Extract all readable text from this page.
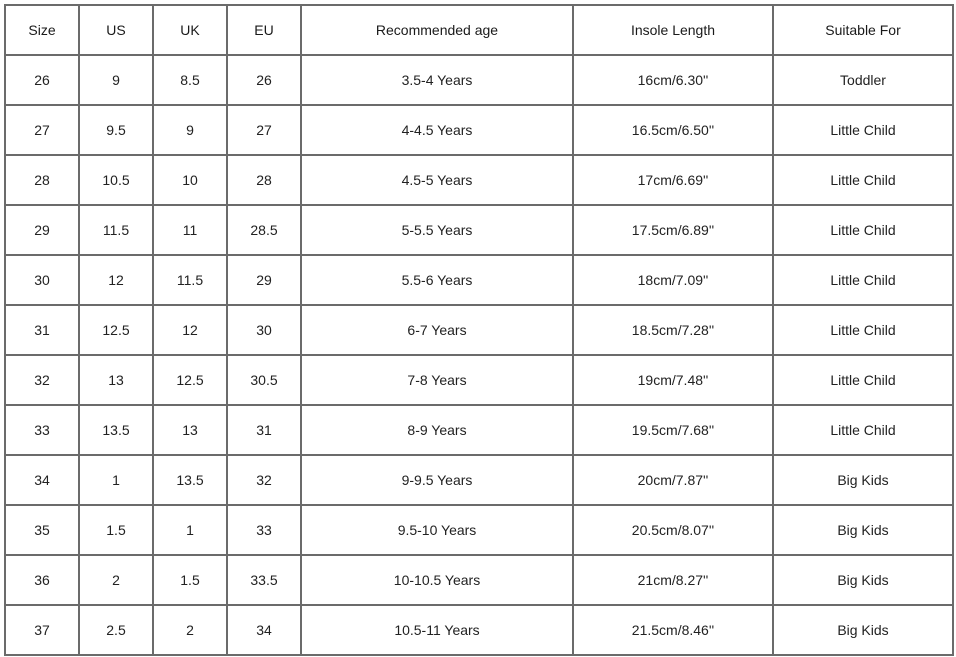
Size	US	UK	EU	Recommended age	Insole Length	Suitable For
26	9	8.5	26	3.5-4 Years	16cm/6.30''	Toddler
27	9.5	9	27	4-4.5 Years	16.5cm/6.50''	Little Child
28	10.5	10	28	4.5-5 Years	17cm/6.69''	Little Child
29	11.5	11	28.5	5-5.5 Years	17.5cm/6.89''	Little Child
30	12	11.5	29	5.5-6 Years	18cm/7.09''	Little Child
31	12.5	12	30	6-7 Years	18.5cm/7.28''	Little Child
32	13	12.5	30.5	7-8 Years	19cm/7.48''	Little Child
33	13.5	13	31	8-9 Years	19.5cm/7.68''	Little Child
34	1	13.5	32	9-9.5 Years	20cm/7.87''	Big Kids
35	1.5	1	33	9.5-10 Years	20.5cm/8.07''	Big Kids
36	2	1.5	33.5	10-10.5 Years	21cm/8.27''	Big Kids
37	2.5	2	34	10.5-11 Years	21.5cm/8.46''	Big Kids
